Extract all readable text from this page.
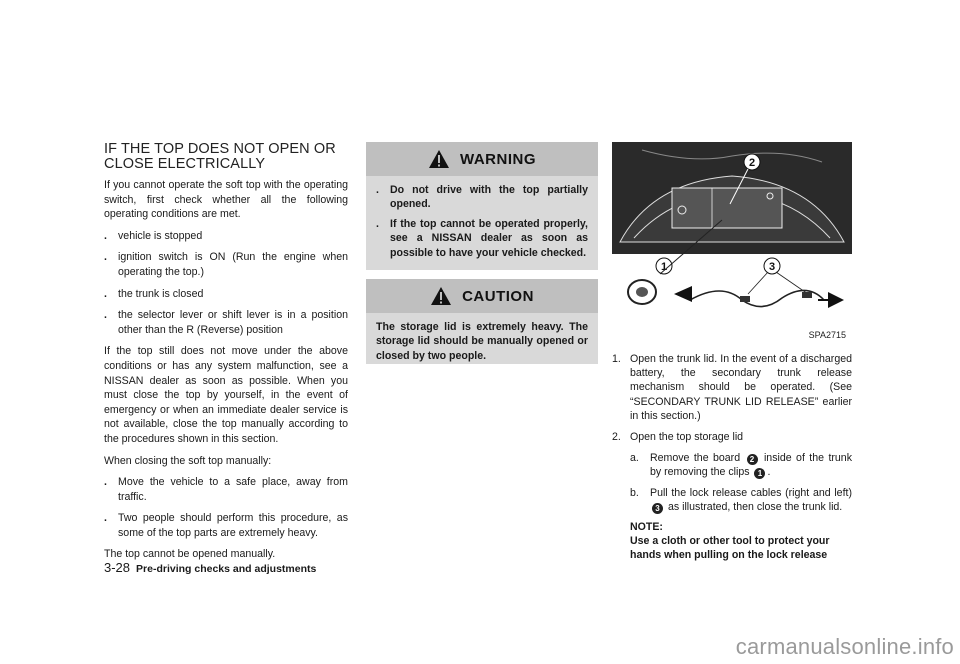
IF THE TOP DOES NOT OPEN OR CLOSE ELECTRICALLY
If you cannot operate the soft top with the operating switch, first check whether all the following operating conditions are met.
.	vehicle is stopped
.	ignition switch is ON (Run the engine when operating the top.)
.	the trunk is closed
.	the selector lever or shift lever is in a position other than the R (Reverse) position
If the top still does not move under the above conditions or has any system malfunction, see a NISSAN dealer as soon as possible. When you must close the top by yourself, in the event of emergency or when an immediate dealer service is not available, close the top manually according to the procedures shown in this section.
When closing the soft top manually:
.	Move the vehicle to a safe place, away from traffic.
.	Two people should perform this procedure, as some of the top parts are extremely heavy.
The top cannot be opened manually.
WARNING
.	Do not drive with the top partially opened.
.	If the top cannot be operated properly, see a NISSAN dealer as soon as possible to have your vehicle checked.
CAUTION
The storage lid is extremely heavy. The storage lid should be manually opened or closed by two people.
2
1	3
SPA2715
1. Open the trunk lid. In the event of a discharged battery, the secondary trunk release mechanism should be operated. (See “SECONDARY TRUNK LID RELEASE” earlier in this section.)
2. Open the top storage lid
a.	Remove the board 2 inside of the trunk by removing the clips 1 .
b.	Pull the lock release cables (right and left) 3 as illustrated, then close the trunk lid.
NOTE:
Use a cloth or other tool to protect your hands when pulling on the lock release
3-28 Pre-driving checks and adjustments
carmanualsonline.info
